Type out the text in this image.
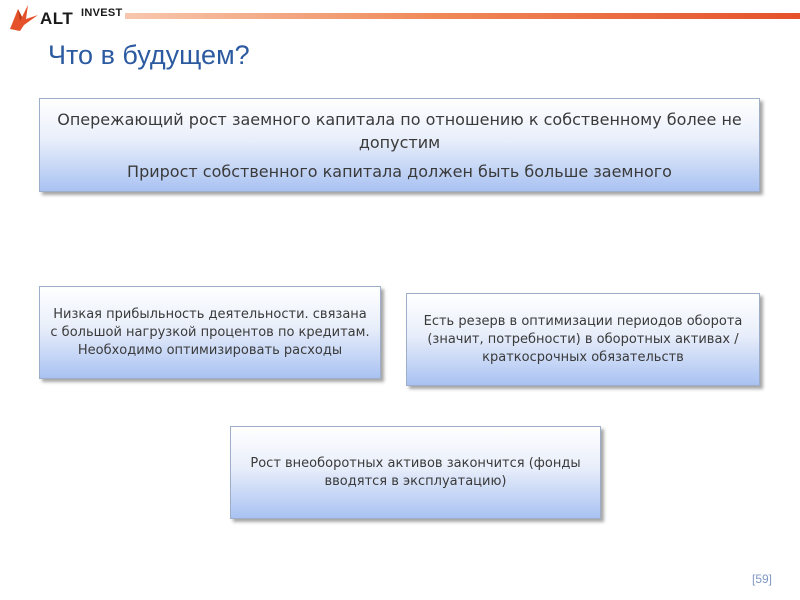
ALT INVEST
Что в будущем?
Опережающий рост заемного капитала по отношению к собственному более не допустим
Прирост собственного капитала должен быть больше заемного
Низкая прибыльность деятельности. связана с большой нагрузкой процентов по кредитам. Необходимо оптимизировать расходы
Есть резерв в оптимизации периодов оборота (значит, потребности) в оборотных активах /краткосрочных обязательств
Рост внеоборотных активов закончится (фонды вводятся в эксплуатацию)
[59]
